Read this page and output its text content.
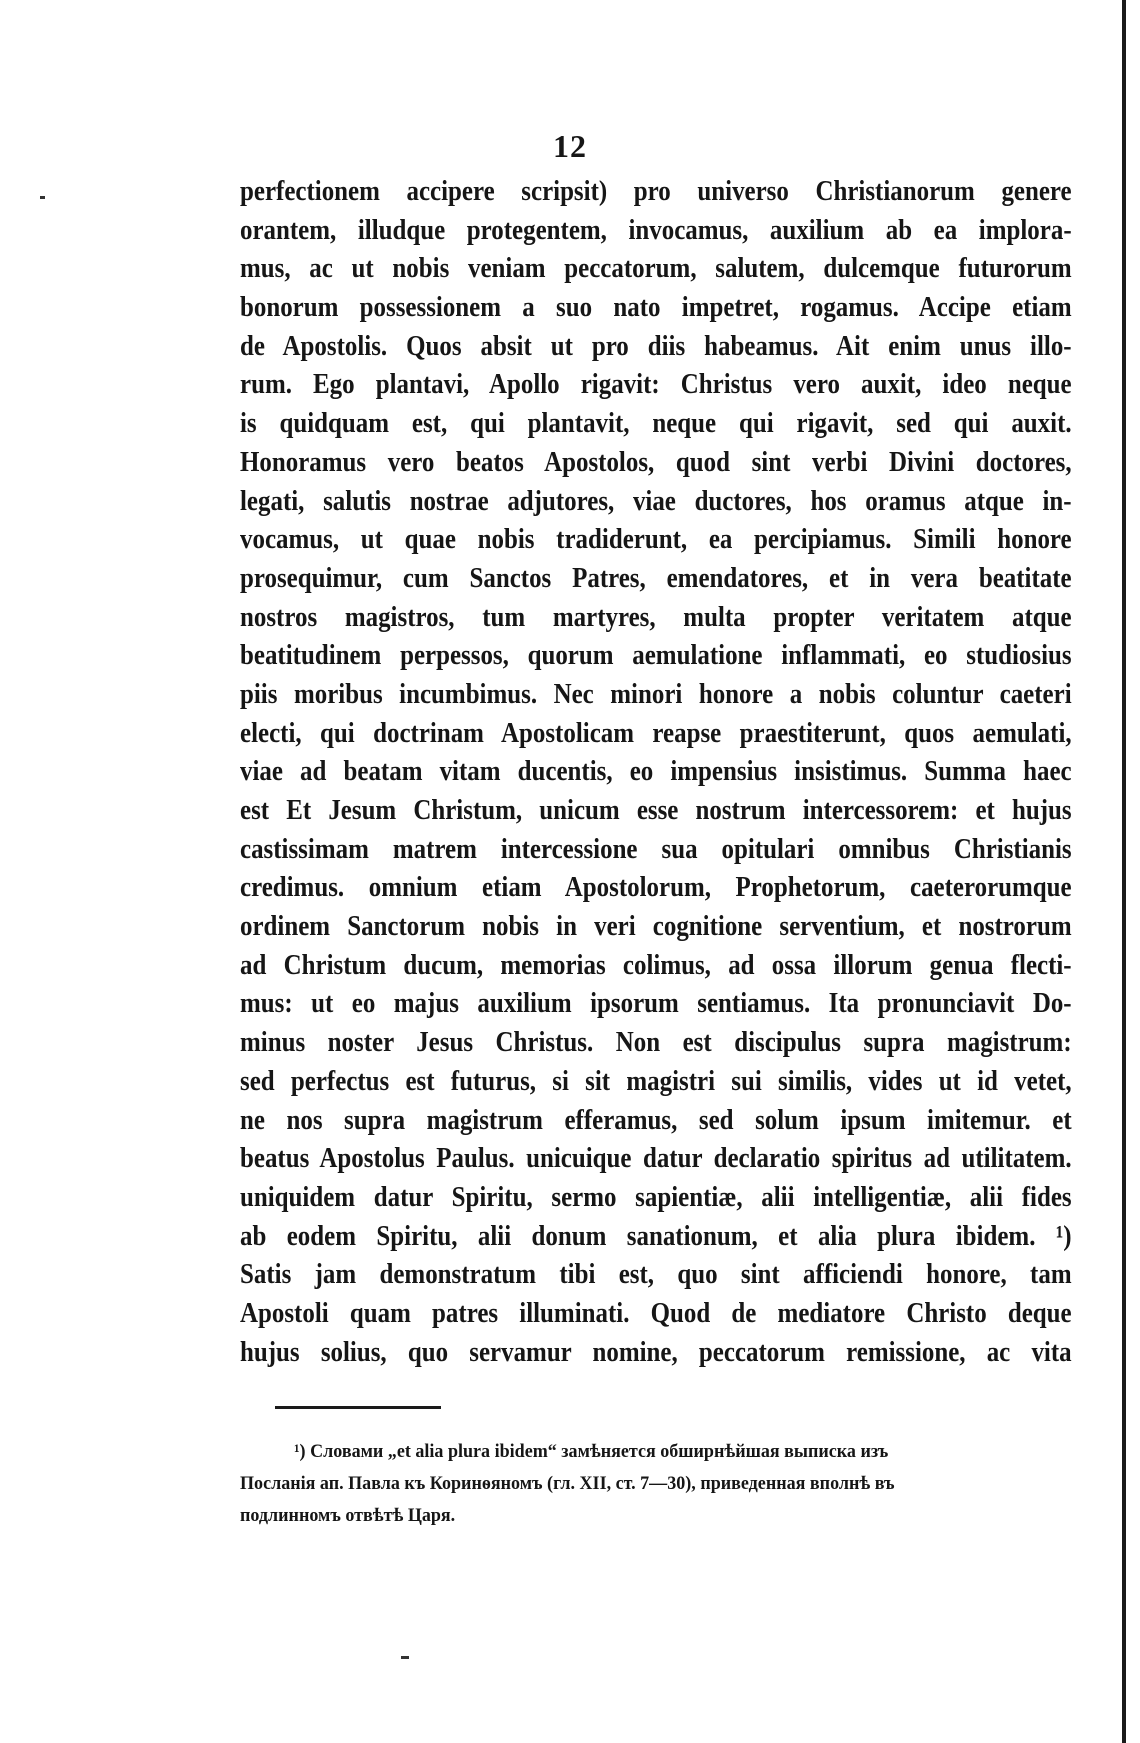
12
perfectionem accipere scripsit) pro universo Christianorum genere
orantem, illudque protegentem, invocamus, auxilium ab ea implora-
mus, ac ut nobis veniam peccatorum, salutem, dulcemque futurorum
bonorum possessionem a suo nato impetret, rogamus. Accipe etiam
de Apostolis. Quos absit ut pro diis habeamus. Ait enim unus illo-
rum. Ego plantavi, Apollo rigavit: Christus vero auxit, ideo neque
is quidquam est, qui plantavit, neque qui rigavit, sed qui auxit.
Honoramus vero beatos Apostolos, quod sint verbi Divini doctores,
legati, salutis nostrae adjutores, viae ductores, hos oramus atque in-
vocamus, ut quae nobis tradiderunt, ea percipiamus. Simili honore
prosequimur, cum Sanctos Patres, emendatores, et in vera beatitate
nostros magistros, tum martyres, multa propter veritatem atque
beatitudinem perpessos, quorum aemulatione inflammati, eo studiosius
piis moribus incumbimus. Nec minori honore a nobis coluntur caeteri
electi, qui doctrinam Apostolicam reapse praestiterunt, quos aemulati,
viae ad beatam vitam ducentis, eo impensius insistimus. Summa haec
est Et Jesum Christum, unicum esse nostrum intercessorem: et hujus
castissimam matrem intercessione sua opitulari omnibus Christianis
credimus. omnium etiam Apostolorum, Prophetorum, caeterorumque
ordinem Sanctorum nobis in veri cognitione serventium, et nostrorum
ad Christum ducum, memorias colimus, ad ossa illorum genua flecti-
mus: ut eo majus auxilium ipsorum sentiamus. Ita pronunciavit Do-
minus noster Jesus Christus. Non est discipulus supra magistrum:
sed perfectus est futurus, si sit magistri sui similis, vides ut id vetet,
ne nos supra magistrum efferamus, sed solum ipsum imitemur. et
beatus Apostolus Paulus. unicuique datur declaratio spiritus ad utilitatem.
uniquidem datur Spiritu, sermo sapientiæ, alii intelligentiæ, alii fides
ab eodem Spiritu, alii donum sanationum, et alia plura ibidem. ¹)
Satis jam demonstratum tibi est, quo sint afficiendi honore, tam
Apostoli quam patres illuminati. Quod de mediatore Christo deque
hujus solius, quo servamur nomine, peccatorum remissione, ac vita
¹) Словами „et alia plura ibidem“ замѣняется обширнѣйшая выписка изъ
Посланія ап. Павла къ Коринѳяномъ (гл. XII, ст. 7—30), приведенная вполнѣ въ
подлинномъ отвѣтѣ Царя.
